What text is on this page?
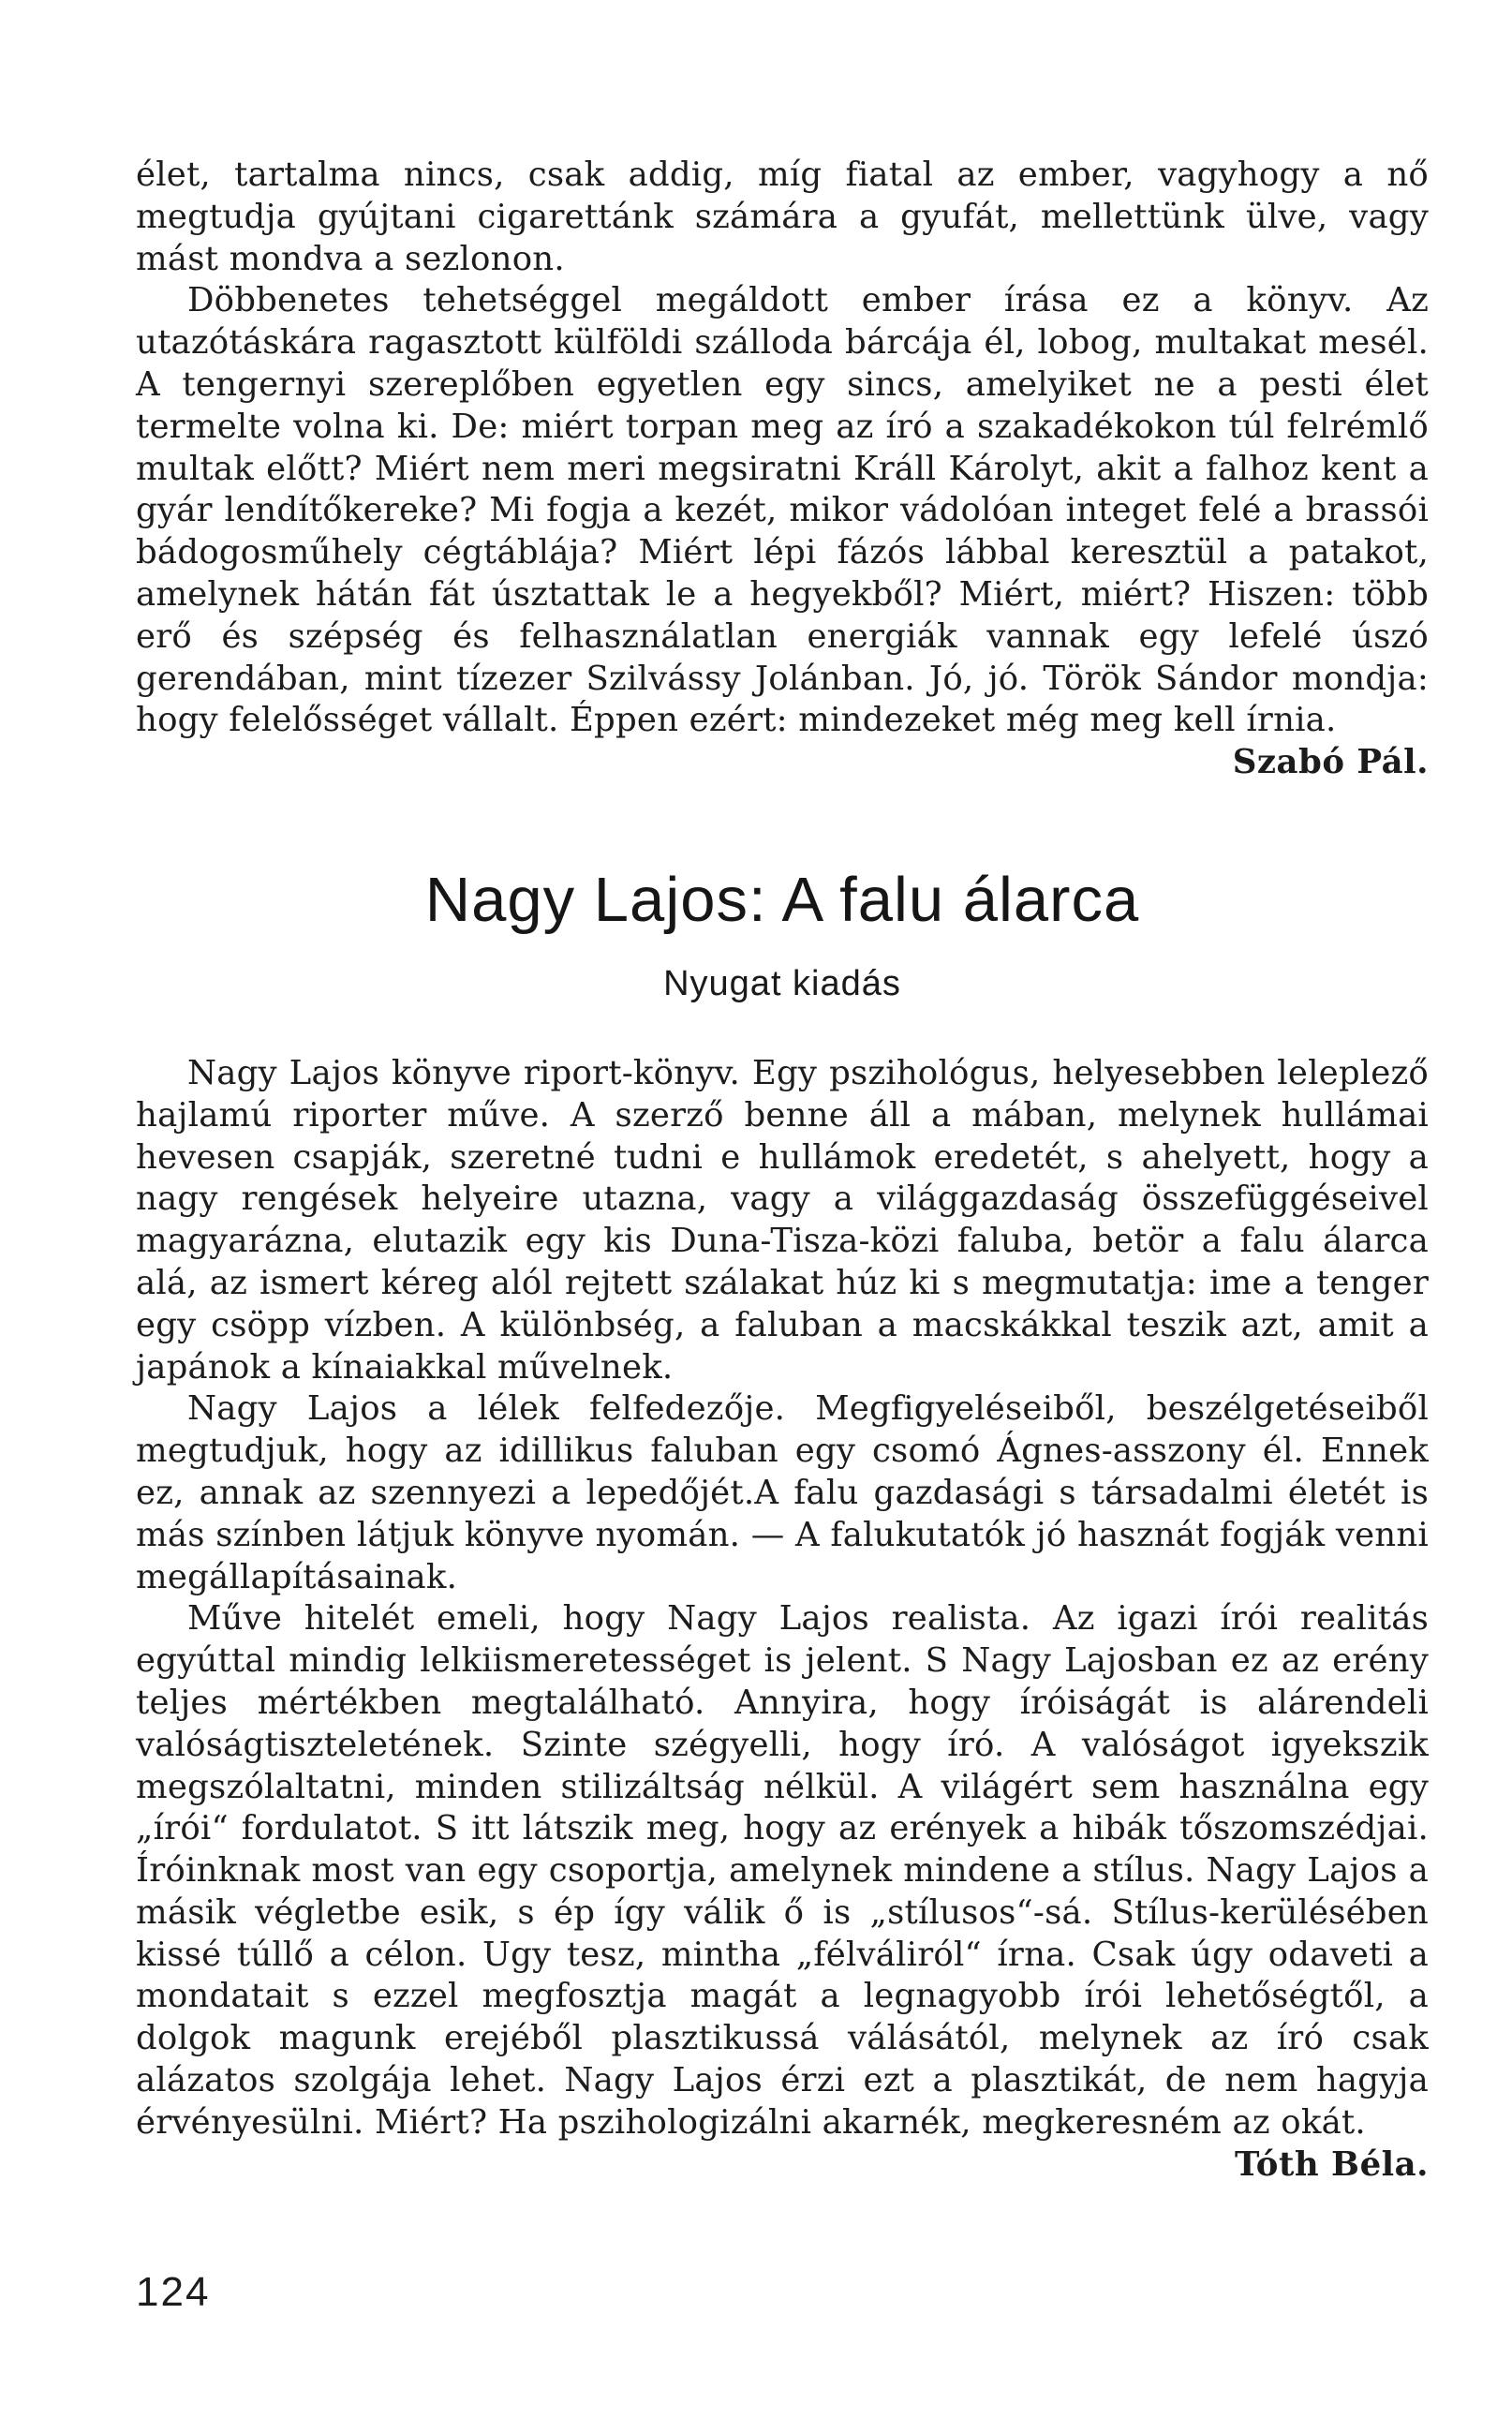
élet, tartalma nincs, csak addig, míg fiatal az ember, vagyhogy a nő megtudja gyújtani cigarettánk számára a gyufát, mellettünk ülve, vagy mást mondva a sezlonon.

Döbbenetes tehetséggel megáldott ember írása ez a könyv. Az utazótáskára ragasztott külföldi szálloda bárcája él, lobog, multakat mesél. A tengernyi szereplőben egyetlen egy sincs, amelyiket ne a pesti élet termelte volna ki. De: miért torpan meg az író a szakadékokon túl felrémlő multak előtt? Miért nem meri megsiratni Králl Károlyt, akit a falhoz kent a gyár lendítőkereke? Mi fogja a kezét, mikor vádolóan integet felé a brassói bádogosműhely cégtáblája? Miért lépi fázós lábbal keresztül a patakot, amelynek hátán fát úsztattak le a hegyekből? Miért, miért? Hiszen: több erő és szépség és felhasználatlan energiák vannak egy lefelé úszó gerendában, mint tízezer Szilvássy Jolánban. Jó, jó. Török Sándor mondja: hogy felelősséget vállalt. Éppen ezért: mindezeket még meg kell írnia.
Szabó Pál.

Nagy Lajos: A falu álarca
Nyugat kiadás

Nagy Lajos könyve riport-könyv. Egy pszihológus, helyesebben leleplező hajlamú riporter műve. A szerző benne áll a mában, melynek hullámai hevesen csapják, szeretné tudni e hullámok eredetét, s ahelyett, hogy a nagy rengések helyeire utazna, vagy a világgazdaság összefüggéseivel magyarázna, elutazik egy kis Duna-Tisza-közi faluba, betör a falu álarca alá, az ismert kéreg alól rejtett szálakat húz ki s megmutatja: ime a tenger egy csöpp vízben. A különbség, a faluban a macskákkal teszik azt, amit a japánok a kínaiakkal művelnek.

Nagy Lajos a lélek felfedezője. Megfigyeléseiből, beszélgetéseiből megtudjuk, hogy az idillikus faluban egy csomó Ágnes-asszony él. Ennek ez, annak az szennyezi a lepedőjét.A falu gazdasági s társadalmi életét is más színben látjuk könyve nyomán. — A falukutatók jó hasznát fogják venni megállapításainak.

Műve hitelét emeli, hogy Nagy Lajos realista. Az igazi írói realitás egyúttal mindig lelkiismeretességet is jelent. S Nagy Lajosban ez az erény teljes mértékben megtalálható. Annyira, hogy íróiságát is alárendeli valóságtiszteletének. Szinte szégyelli, hogy író. A valóságot igyekszik megszólaltatni, minden stilizáltság nélkül. A világért sem használna egy „írói“ fordulatot. S itt látszik meg, hogy az erények a hibák tőszomszédjai. Íróinknak most van egy csoportja, amelynek mindene a stílus. Nagy Lajos a másik végletbe esik, s ép így válik ő is „stílusos“-sá. Stílus-kerülésében kissé túllő a célon. Ugy tesz, mintha „félváliról“ írna. Csak úgy odaveti a mondatait s ezzel megfosztja magát a legnagyobb írói lehetőségtől, a dolgok magunk erejéből plasztikussá válásától, melynek az író csak alázatos szolgája lehet. Nagy Lajos érzi ezt a plasztikát, de nem hagyja érvényesülni. Miért? Ha pszihologizálni akarnék, megkeresném az okát.
Tóth Béla.

124
